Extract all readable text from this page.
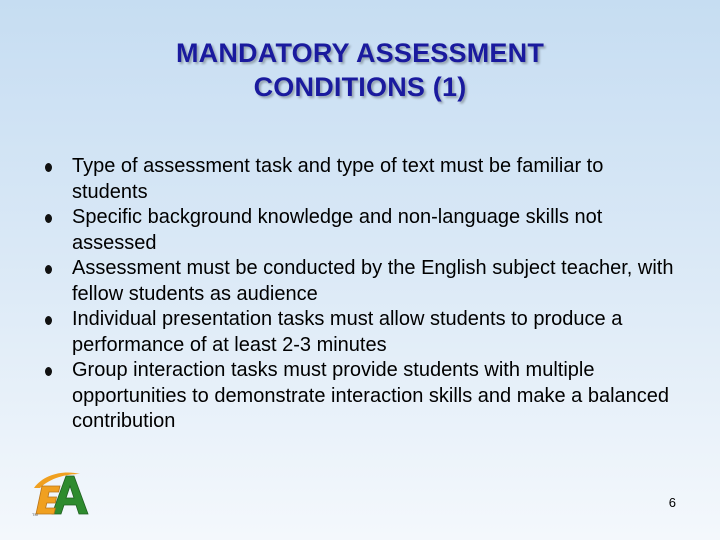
MANDATORY ASSESSMENT
CONDITIONS (1)
Type of assessment task and type of text must be familiar to students
Specific background knowledge and non-language skills not assessed
Assessment must be conducted by the English subject teacher, with fellow students as audience
Individual presentation tasks must allow students to produce a performance of at least 2-3 minutes
Group interaction tasks must provide students with multiple opportunities to demonstrate interaction skills and make a balanced contribution
TM
6
